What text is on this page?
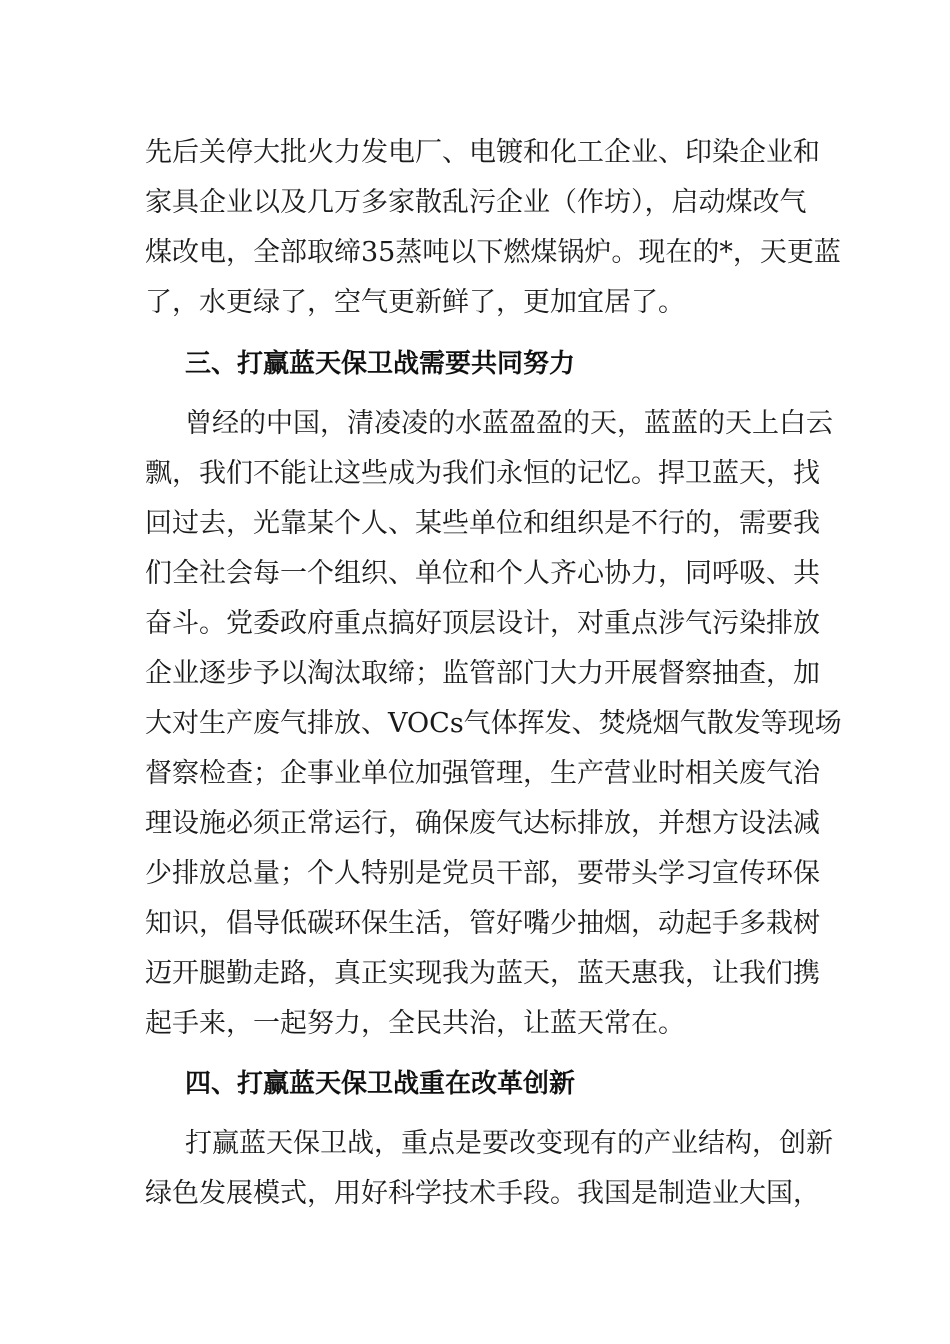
先后关停大批火力发电厂、电镀和化工企业、印染企业和
家具企业以及几万多家散乱污企业（作坊），启动煤改气
煤改电，全部取缔35蒸吨以下燃煤锅炉。现在的*，天更蓝
了，水更绿了，空气更新鲜了，更加宜居了。
三、打赢蓝天保卫战需要共同努力
曾经的中国，清凌凌的水蓝盈盈的天，蓝蓝的天上白云
飘，我们不能让这些成为我们永恒的记忆。捍卫蓝天，找
回过去，光靠某个人、某些单位和组织是不行的，需要我
们全社会每一个组织、单位和个人齐心协力，同呼吸、共
奋斗。党委政府重点搞好顶层设计，对重点涉气污染排放
企业逐步予以淘汰取缔；监管部门大力开展督察抽查，加
大对生产废气排放、VOCs气体挥发、焚烧烟气散发等现场
督察检查；企事业单位加强管理，生产营业时相关废气治
理设施必须正常运行，确保废气达标排放，并想方设法减
少排放总量；个人特别是党员干部，要带头学习宣传环保
知识，倡导低碳环保生活，管好嘴少抽烟，动起手多栽树
迈开腿勤走路，真正实现我为蓝天，蓝天惠我，让我们携
起手来，一起努力，全民共治，让蓝天常在。
四、打赢蓝天保卫战重在改革创新
打赢蓝天保卫战，重点是要改变现有的产业结构，创新
绿色发展模式，用好科学技术手段。我国是制造业大国，
